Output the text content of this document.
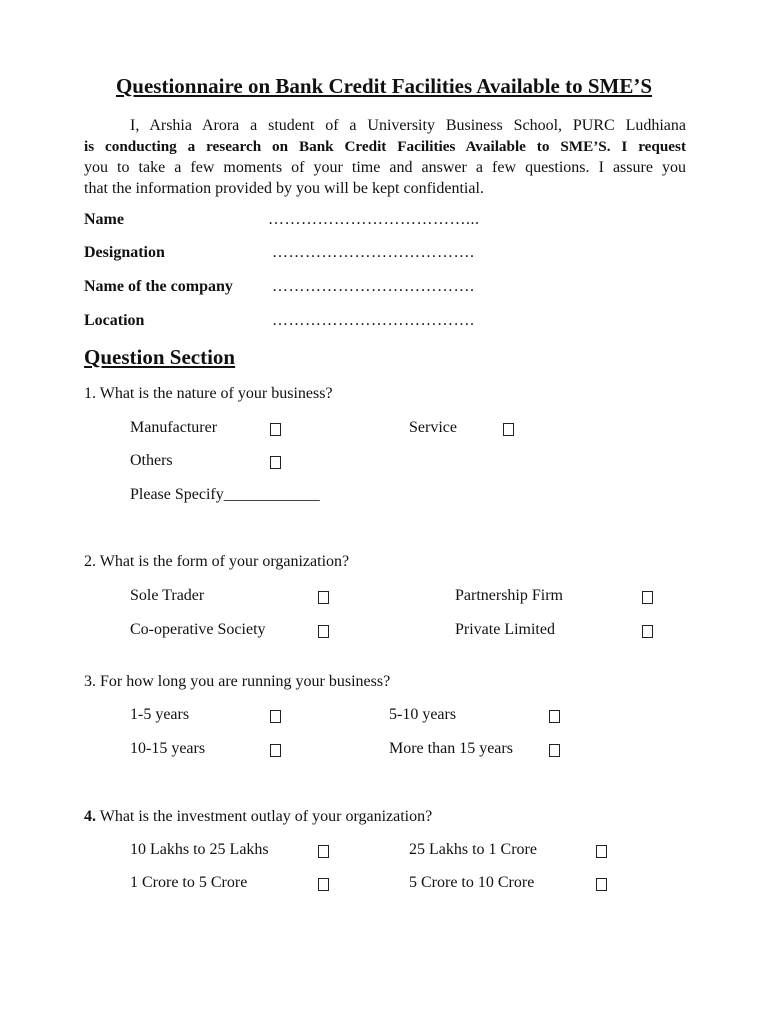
Questionnaire on Bank Credit Facilities Available to SME’S

I, Arshia Arora a student of a University Business School, PURC Ludhiana

is conducting a research on Bank Credit Facilities Available to SME’S. I request

you to take a few moments of your time and answer a few questions. I assure you

that the information provided by you will be kept confidential.

Name	………………………………...
Designation	……………………………….
Name of the company ……………………………….
Location	……………………………….
Question Section
1. What is the nature of your business?
Manufacturer	Service
Others
Please Specify____________
2. What is the form of your organization?
Sole Trader	Partnership Firm
Co-operative Society	Private Limited
3. For how long you are running your business?
1-5 years	5-10 years
10-15 years	More than 15 years
4. What is the investment outlay of your organization?
10 Lakhs to 25 Lakhs	25 Lakhs to 1 Crore
1 Crore to 5 Crore	5 Crore to 10 Crore
